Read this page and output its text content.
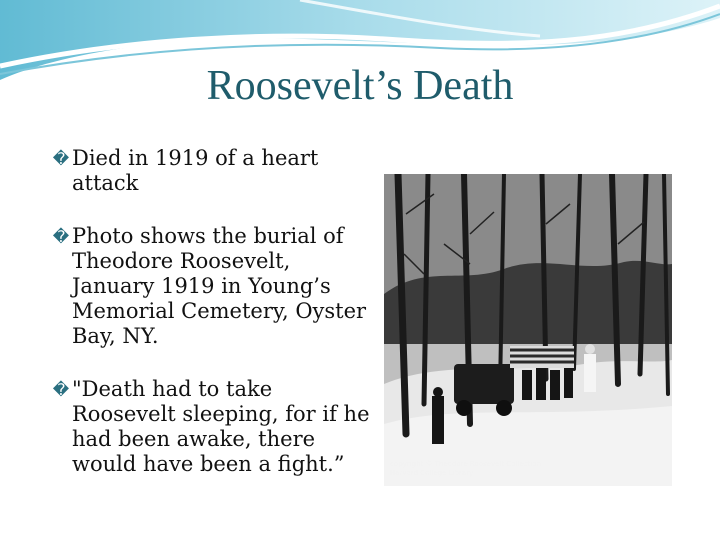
Roosevelt’s Death
� Died in 1919 of a heart attack
� Photo shows the burial of Theodore Roosevelt, January 1919 in Young’s Memorial Cemetery, Oyster Bay, NY.
� "Death had to take Roosevelt sleeping, for if he had been awake, there would have been a fight.”	copyright © Theodore Roosevelt Collection Harvard College Library
